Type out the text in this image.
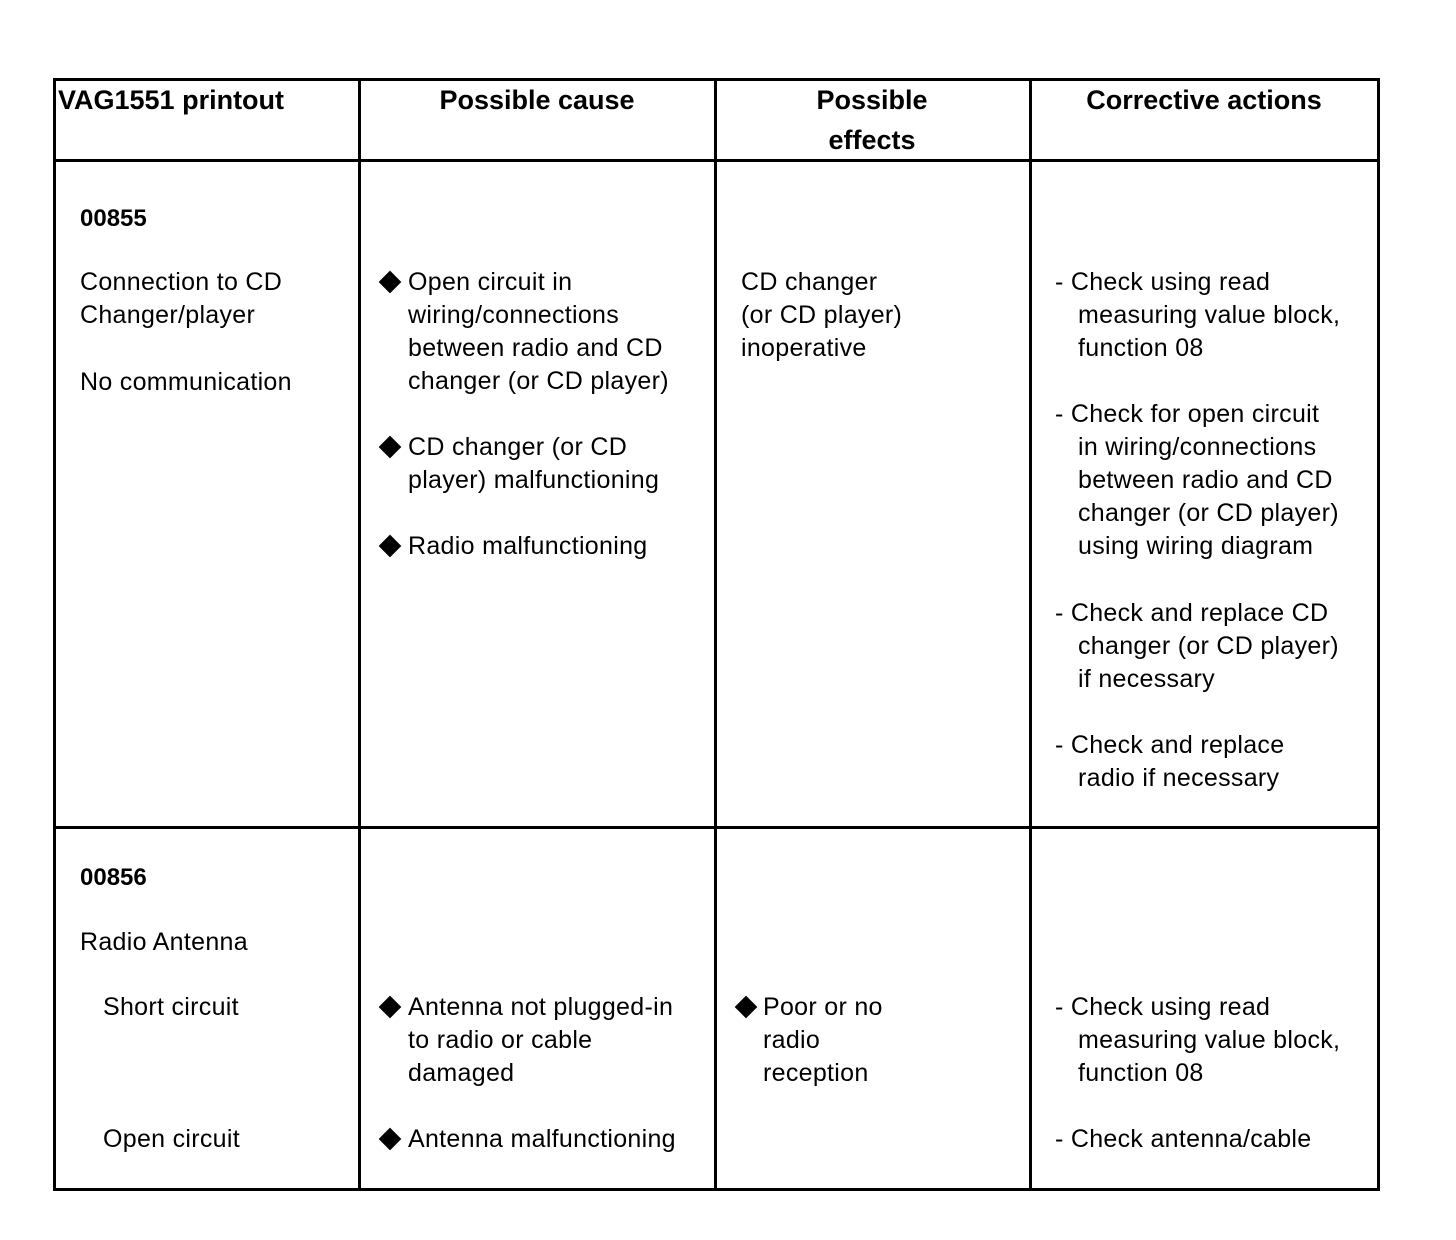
VAG1551 printout	Possible cause	Possible
effects
Corrective actions
00855
Connection to CD
Changer/player
No communication
Open circuit in
wiring/connections
between radio and CD
changer (or CD player)
CD changer (or CD
player) malfunctioning
Radio malfunctioning
CD changer
(or CD player)
inoperative
- Check using read
measuring value block,
function 08
- Check for open circuit
in wiring/connections
between radio and CD
changer (or CD player)
using wiring diagram
- Check and replace CD
changer (or CD player)
if necessary
- Check and replace
radio if necessary
00856
Radio Antenna
Short circuit
Open circuit
Antenna not plugged-in
to radio or cable
damaged
Antenna malfunctioning
Poor or no
radio
reception
- Check using read
measuring value block,
function 08
- Check antenna/cable
